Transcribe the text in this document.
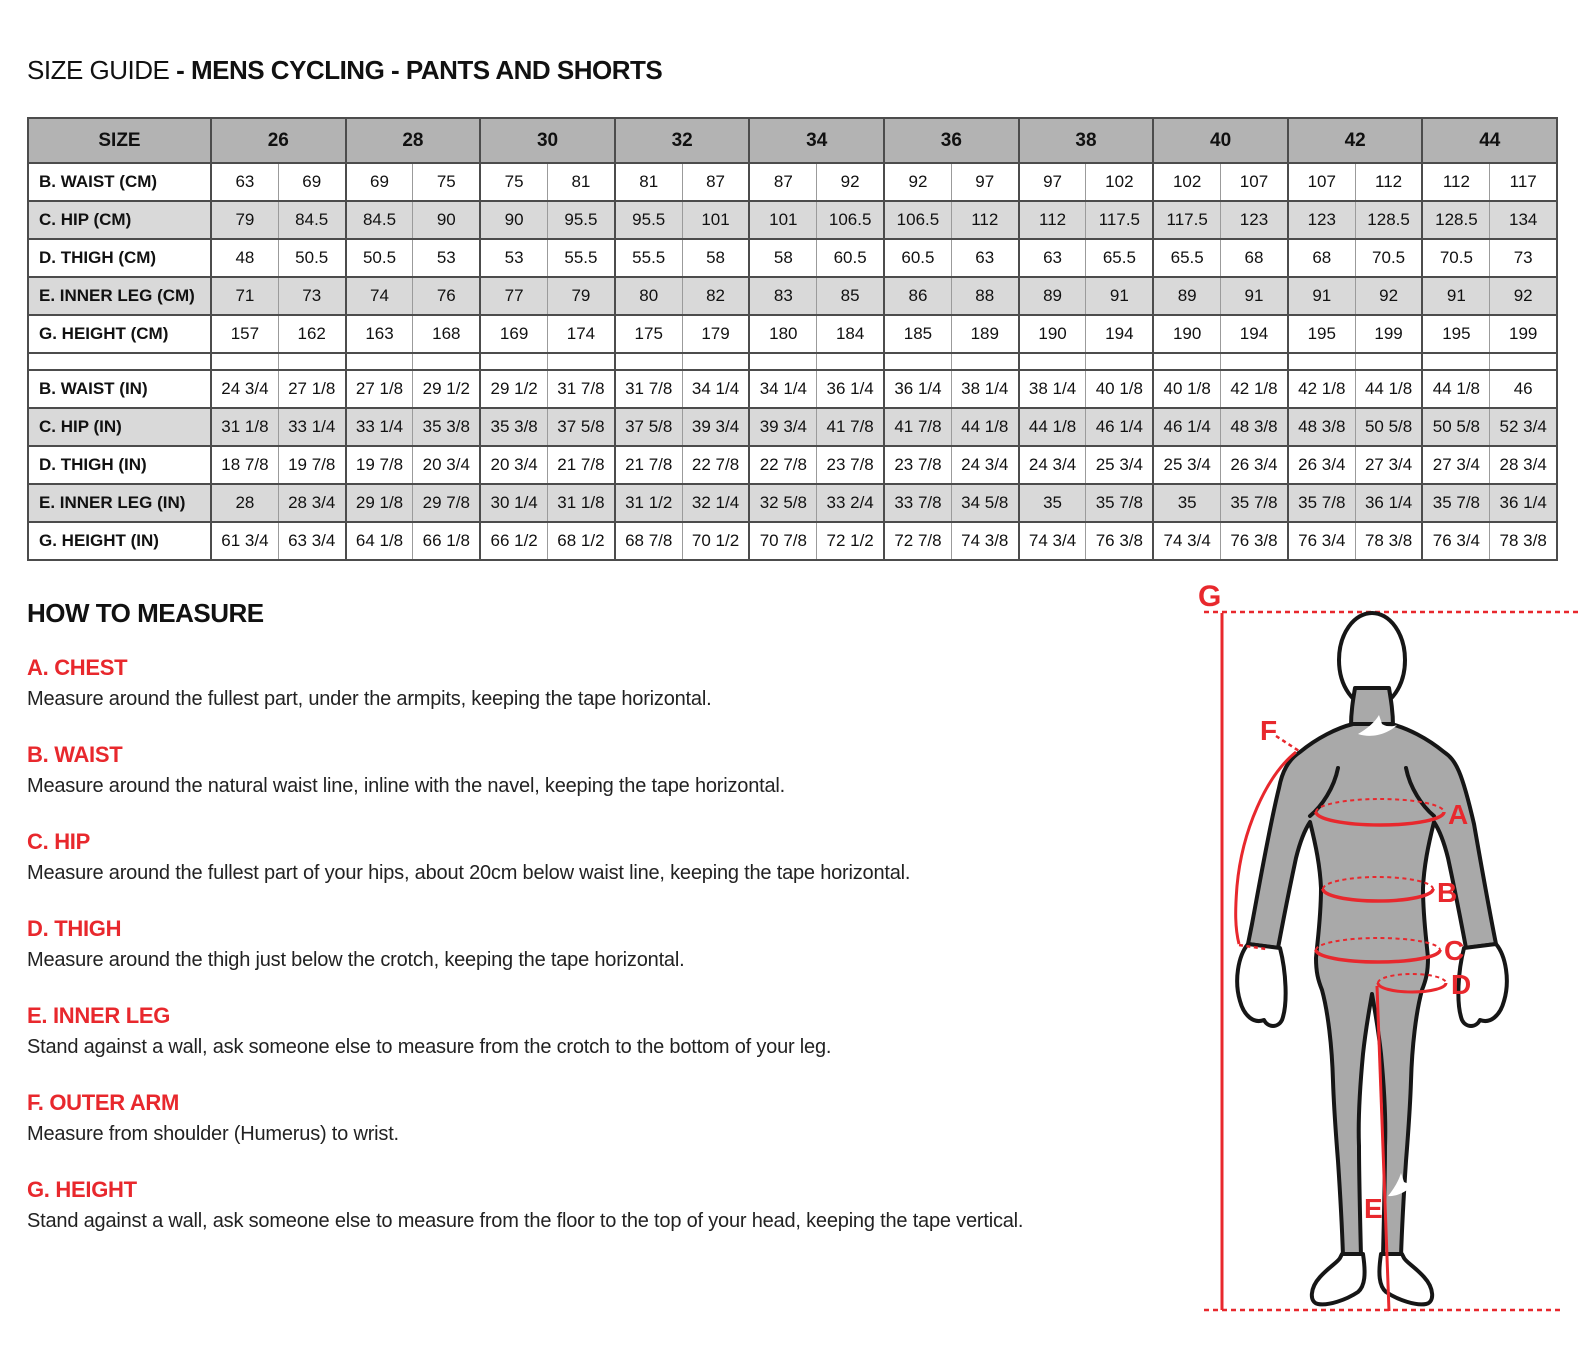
SIZE GUIDE - MENS CYCLING - PANTS AND SHORTS
SIZE	26		28		30		32		34		36		38		40		42		44	
B. WAIST (CM)	63	69	69	75	75	81	81	87	87	92	92	97	97	102	102	107	107	112	112	117
C. HIP (CM)	79	84.5	84.5	90	90	95.5	95.5	101	101	106.5	106.5	112	112	117.5	117.5	123	123	128.5	128.5	134
D. THIGH (CM)	48	50.5	50.5	53	53	55.5	55.5	58	58	60.5	60.5	63	63	65.5	65.5	68	68	70.5	70.5	73
E. INNER LEG (CM)	71	73	74	76	77	79	80	82	83	85	86	88	89	91	89	91	91	92	91	92
G. HEIGHT (CM)	157	162	163	168	169	174	175	179	180	184	185	189	190	194	190	194	195	199	195	199

B. WAIST (IN)	24 3/4	27 1/8	27 1/8	29 1/2	29 1/2	31 7/8	31 7/8	34 1/4	34 1/4	36 1/4	36 1/4	38 1/4	38 1/4	40 1/8	40 1/8	42 1/8	42 1/8	44 1/8	44 1/8	46
C. HIP (IN)	31 1/8	33 1/4	33 1/4	35 3/8	35 3/8	37 5/8	37 5/8	39 3/4	39 3/4	41 7/8	41 7/8	44 1/8	44 1/8	46 1/4	46 1/4	48 3/8	48 3/8	50 5/8	50 5/8	52 3/4
D. THIGH (IN)	18 7/8	19 7/8	19 7/8	20 3/4	20 3/4	21 7/8	21 7/8	22 7/8	22 7/8	23 7/8	23 7/8	24 3/4	24 3/4	25 3/4	25 3/4	26 3/4	26 3/4	27 3/4	27 3/4	28 3/4
E. INNER LEG (IN)	28	28 3/4	29 1/8	29 7/8	30 1/4	31 1/8	31 1/2	32 1/4	32 5/8	33 2/4	33 7/8	34 5/8	35	35 7/8	35	35 7/8	35 7/8	36 1/4	35 7/8	36 1/4
G. HEIGHT (IN)	61 3/4	63 3/4	64 1/8	66 1/8	66 1/2	68 1/2	68 7/8	70 1/2	70 7/8	72 1/2	72 7/8	74 3/8	74 3/4	76 3/8	74 3/4	76 3/8	76 3/4	78 3/8	76 3/4	78 3/8
HOW TO MEASURE
A. CHEST

Measure around the fullest part, under the armpits, keeping the tape horizontal.

B. WAIST

Measure around the natural waist line, inline with the navel, keeping the tape horizontal.

C. HIP

Measure around the fullest part of your hips, about 20cm below waist line, keeping the tape horizontal.

D. THIGH

Measure around the thigh just below the crotch, keeping the tape horizontal.

E. INNER LEG

Stand against a wall, ask someone else to measure from the crotch to the bottom of your leg.

F. OUTER ARM

Measure from shoulder (Humerus) to wrist.

G. HEIGHT

Stand against a wall, ask someone else to measure from the floor to the top of your head, keeping the tape vertical.

G
F
A
B
C
D
E
